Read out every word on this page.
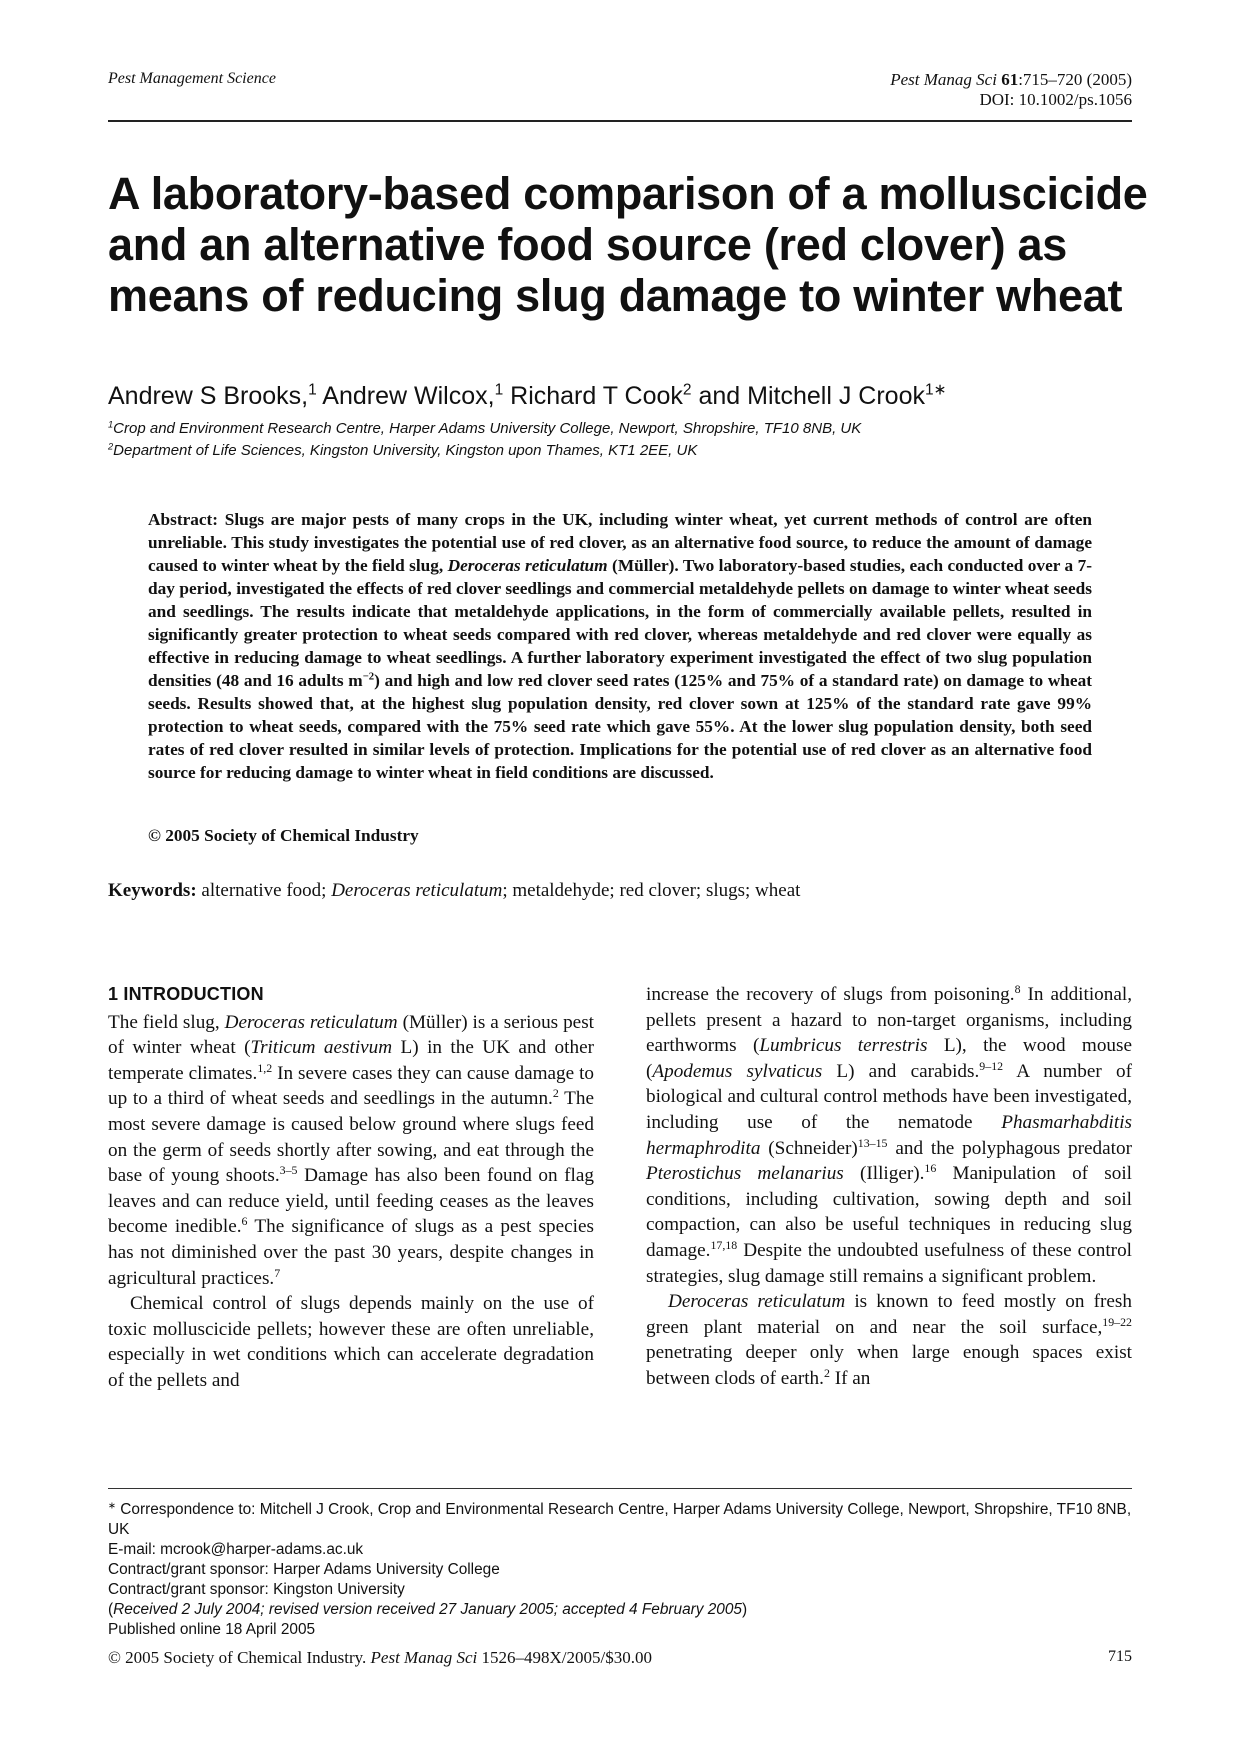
Pest Management Science	Pest Manag Sci 61:715–720 (2005)
DOI: 10.1002/ps.1056
A laboratory-based comparison of a molluscicide and an alternative food source (red clover) as means of reducing slug damage to winter wheat
Andrew S Brooks,$^1$ Andrew Wilcox,$^1$ Richard T Cook$^2$ and Mitchell J Crook$^{1∗}$
$^1$Crop and Environment Research Centre, Harper Adams University College, Newport, Shropshire, TF10 8NB, UK
$^2$Department of Life Sciences, Kingston University, Kingston upon Thames, KT1 2EE, UK

Abstract: Slugs are major pests of many crops in the UK, including winter wheat, yet current methods of control are often unreliable. This study investigates the potential use of red clover, as an alternative food source, to reduce the amount of damage caused to winter wheat by the field slug, Deroceras reticulatum (Müller). Two laboratory-based studies, each conducted over a 7-day period, investigated the effects of red clover seedlings and commercial metaldehyde pellets on damage to winter wheat seeds and seedlings. The results indicate that metaldehyde applications, in the form of commercially available pellets, resulted in significantly greater protection to wheat seeds compared with red clover, whereas metaldehyde and red clover were equally as effective in reducing damage to wheat seedlings. A further laboratory experiment investigated the effect of two slug population densities (48 and 16 adults $m^{-2}$) and high and low red clover seed rates (125% and 75% of a standard rate) on damage to wheat seeds. Results showed that, at the highest slug population density, red clover sown at 125% of the standard rate gave 99% protection to wheat seeds, compared with the 75% seed rate which gave 55%. At the lower slug population density, both seed rates of red clover resulted in similar levels of protection. Implications for the potential use of red clover as an alternative food source for reducing damage to winter wheat in field conditions are discussed.

© 2005 Society of Chemical Industry
Keywords: alternative food; Deroceras reticulatum; metaldehyde; red clover; slugs; wheat
1 INTRODUCTION

The field slug, Deroceras reticulatum (Müller) is a serious pest of winter wheat (Triticum aestivum L) in the UK and other temperate climates.$^{1,2}$ In severe cases they can cause damage to up to a third of wheat seeds and seedlings in the autumn.$^2$ The most severe damage is caused below ground where slugs feed on the germ of seeds shortly after sowing, and eat through the base of young shoots.$^{3-5}$ Damage has also been found on flag leaves and can reduce yield, until feeding ceases as the leaves become inedible.$^6$ The significance of slugs as a pest species has not diminished over the past 30 years, despite changes in agricultural practices.$^7$

Chemical control of slugs depends mainly on the use of toxic molluscicide pellets; however these are often unreliable, especially in wet conditions which can accelerate degradation of the pellets and

increase the recovery of slugs from poisoning.$^8$ In additional, pellets present a hazard to non-target organisms, including earthworms (Lumbricus terrestris L), the wood mouse (Apodemus sylvaticus L) and carabids.$^{9-12}$ A number of biological and cultural control methods have been investigated, including use of the nematode Phasmarhabditis hermaphrodita (Schneider)$^{13-15}$ and the polyphagous predator Pterostichus melanarius (Illiger).$^{16}$ Manipulation of soil conditions, including cultivation, sowing depth and soil compaction, can also be useful techniques in reducing slug damage.$^{17,18}$ Despite the undoubted usefulness of these control strategies, slug damage still remains a significant problem.

Deroceras reticulatum is known to feed mostly on fresh green plant material on and near the soil surface,$^{19-22}$ penetrating deeper only when large enough spaces exist between clods of earth.$^2$ If an

∗ Correspondence to: Mitchell J Crook, Crop and Environmental Research Centre, Harper Adams University College, Newport, Shropshire, TF10 8NB, UK
E-mail: mcrook@harper-adams.ac.uk
Contract/grant sponsor: Harper Adams University College
Contract/grant sponsor: Kingston University
(Received 2 July 2004; revised version received 27 January 2005; accepted 4 February 2005)
Published online 18 April 2005
© 2005 Society of Chemical Industry. Pest Manag Sci 1526–498X/2005/$30.00	715
